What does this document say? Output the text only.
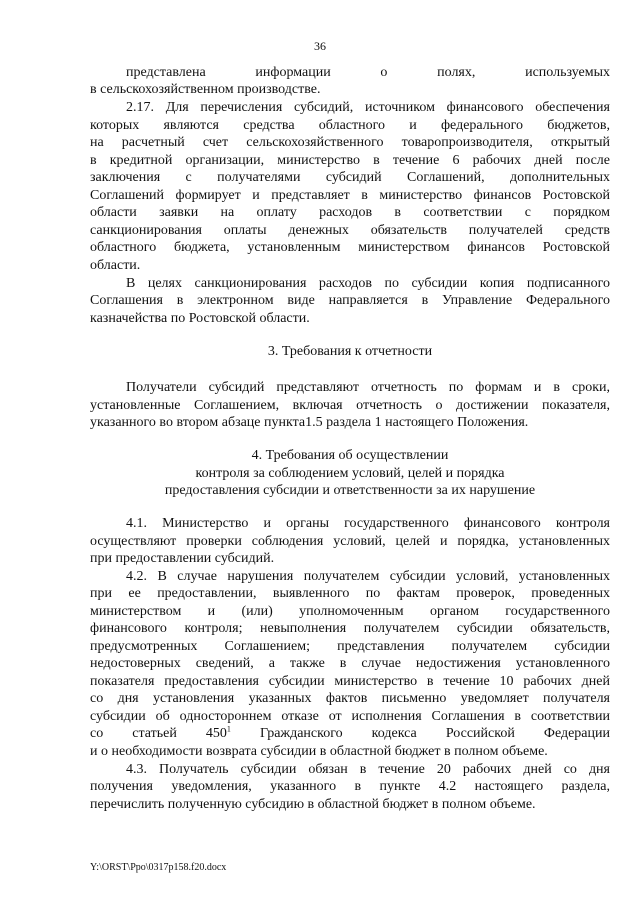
36

представлена информации о полях, используемых

в сельскохозяйственном производстве.

2.17. Для перечисления субсидий, источником финансового обеспечения

которых являются средства областного и федерального бюджетов,

на расчетный счет сельскохозяйственного товаропроизводителя, открытый

в кредитной организации, министерство в течение 6 рабочих дней после

заключения с получателями субсидий Соглашений, дополнительных

Соглашений формирует и представляет в министерство финансов Ростовской

области заявки на оплату расходов в соответствии с порядком

санкционирования оплаты денежных обязательств получателей средств

областного бюджета, установленным министерством финансов Ростовской

области.

В целях санкционирования расходов по субсидии копия подписанного

Соглашения в электронном виде направляется в Управление Федерального

казначейства по Ростовской области.

3. Требования к отчетности

Получатели субсидий представляют отчетность по формам и в сроки,

установленные Соглашением, включая отчетность о достижении показателя,

указанного во втором абзаце пункта1.5 раздела 1 настоящего Положения.

4. Требования об осуществлении

контроля за соблюдением условий, целей и порядка

предоставления субсидии и ответственности за их нарушение

4.1. Министерство и органы государственного финансового контроля

осуществляют проверки соблюдения условий, целей и порядка, установленных

при предоставлении субсидий.

4.2. В случае нарушения получателем субсидии условий, установленных

при ее предоставлении, выявленного по фактам проверок, проведенных

министерством и (или) уполномоченным органом государственного

финансового контроля; невыполнения получателем субсидии обязательств,

предусмотренных Соглашением; представления получателем субсидии

недостоверных сведений, а также в случае недостижения установленного

показателя предоставления субсидии министерство в течение 10 рабочих дней

со дня установления указанных фактов письменно уведомляет получателя

субсидии об одностороннем отказе от исполнения Соглашения в соответствии

со статьей $450^1$ Гражданского кодекса Российской Федерации

и о необходимости возврата субсидии в областной бюджет в полном объеме.

4.3. Получатель субсидии обязан в течение 20 рабочих дней со дня

получения уведомления, указанного в пункте 4.2 настоящего раздела,

перечислить полученную субсидию в областной бюджет в полном объеме.

Y:\ORST\Ppo\0317p158.f20.docx
